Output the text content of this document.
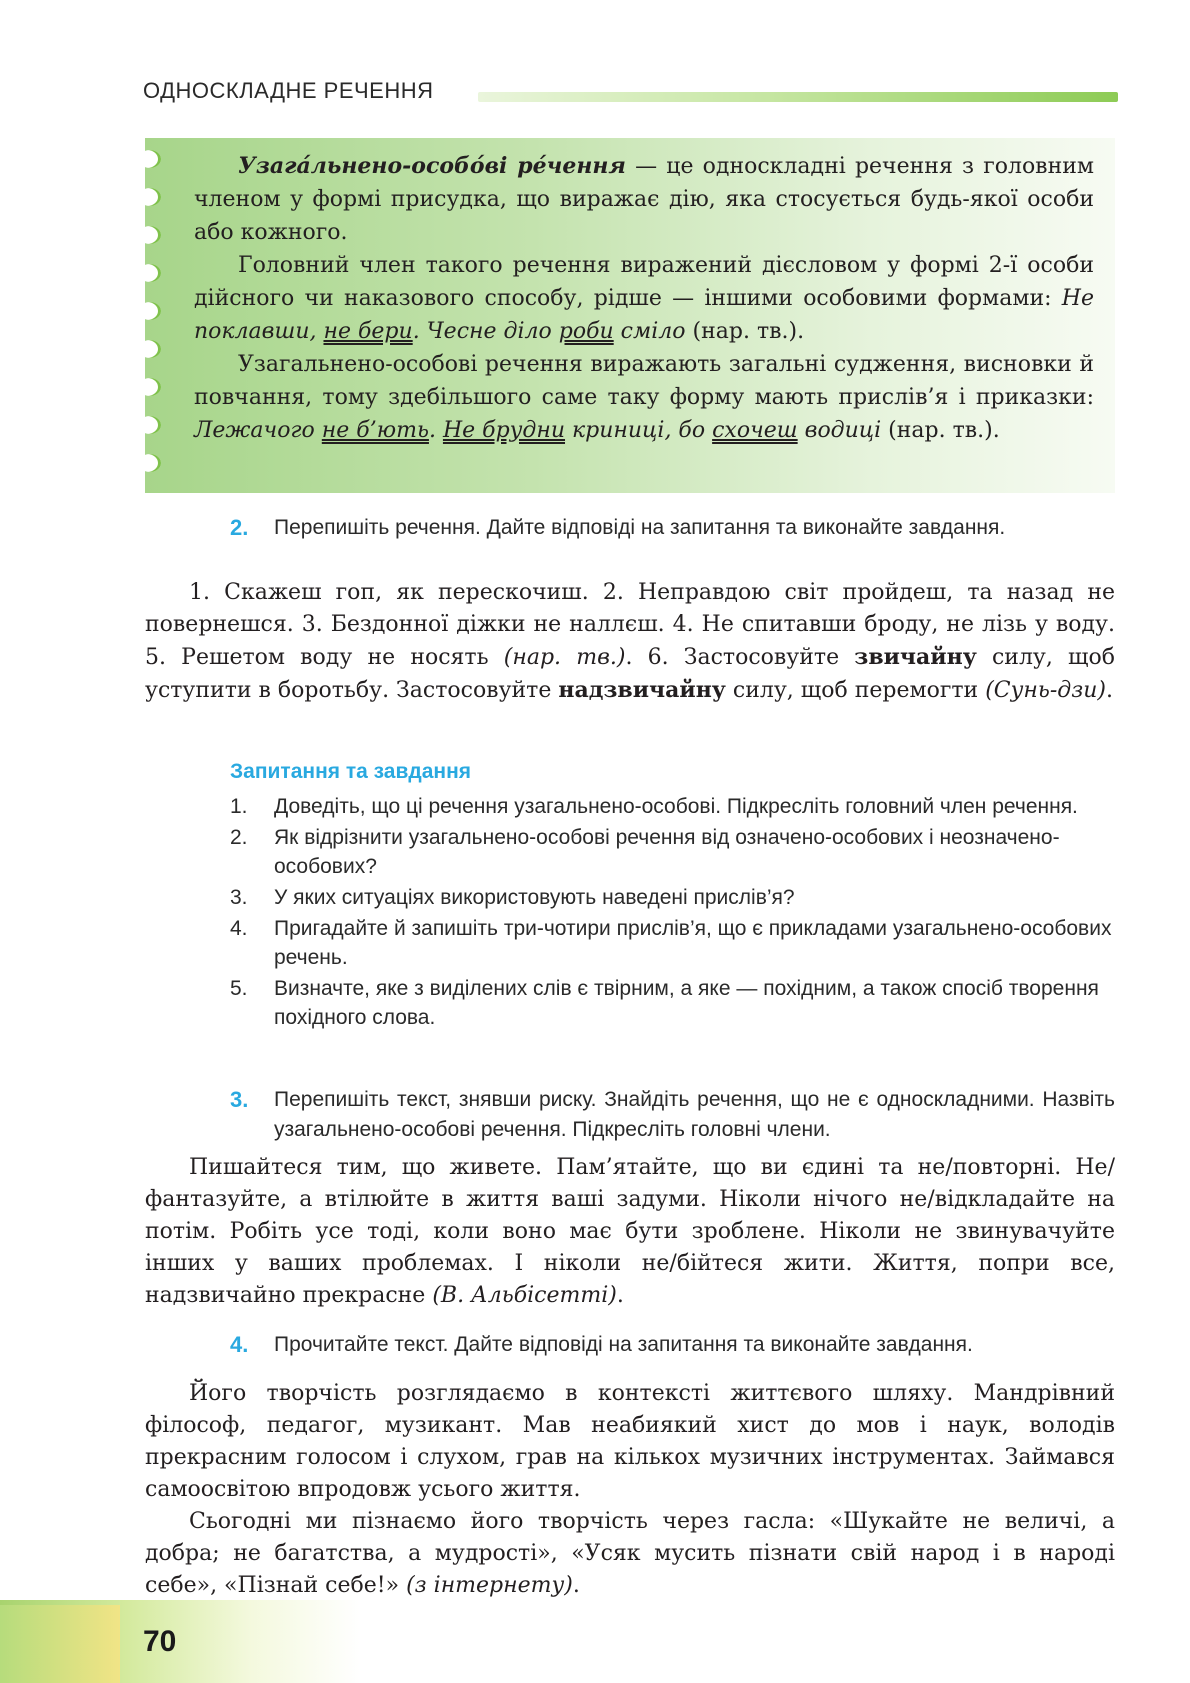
ОДНОСКЛАДНЕ РЕЧЕННЯ

Узага́льнено-особо́ві ре́чення — це односкладні речення з головним членом у формі присудка, що виражає дію, яка стосується будь-якої особи або кожного.

Головний член такого речення виражений дієсловом у формі 2-ї особи дійсного чи наказового способу, рідше — іншими особовими формами: Не поклавши, не бери. Чесне діло роби сміло (нар. тв.).

Узагальнено-особові речення виражають загальні судження, висновки й повчання, тому здебільшого саме таку форму мають прислів’я і приказки: Лежачого не б’ють. Не брудни криниці, бо схочеш водиці (нар. тв.).

2. Перепишіть речення. Дайте відповіді на запитання та виконайте завдання.

1. Скажеш гоп, як перескочиш. 2. Неправдою світ пройдеш, та назад не повернешся. 3. Бездонної діжки не наллєш. 4. Не спитавши броду, не лізь у воду. 5. Решетом воду не носять (нар. тв.). 6. Застосовуйте звичайну силу, щоб уступити в боротьбу. Застосовуйте надзвичайну силу, щоб перемогти (Сунь-дзи).

Запитання та завдання
1. Доведіть, що ці речення узагальнено-особові. Підкресліть головний член речення.
2. Як відрізнити узагальнено-особові речення від означено-особових і неозначено-особових?
3. У яких ситуаціях використовують наведені прислів’я?
4. Пригадайте й запишіть три-чотири прислів’я, що є прикладами узагальнено-особових речень.
5. Визначте, яке з виділених слів є твірним, а яке — похідним, а також спосіб творення похідного слова.
3. Перепишіть текст, знявши риску. Знайдіть речення, що не є односкладними. Назвіть узагальнено-особові речення. Підкресліть головні члени.

Пишайтеся тим, що живете. Пам’ятайте, що ви єдині та не/повторні. Не/фантазуйте, а втілюйте в життя ваші задуми. Ніколи нічого не/відкладайте на потім. Робіть усе тоді, коли воно має бути зроблене. Ніколи не звинувачуйте інших у ваших проблемах. І ніколи не/бійтеся жити. Життя, попри все, надзвичайно прекрасне (В. Альбісетті).

4. Прочитайте текст. Дайте відповіді на запитання та виконайте завдання.

Його творчість розглядаємо в контексті життєвого шляху. Мандрівний філософ, педагог, музикант. Мав неабиякий хист до мов і наук, володів прекрасним голосом і слухом, грав на кількох музичних інструментах. Займався самоосвітою впродовж усього життя.

Сьогодні ми пізнаємо його творчість через гасла: «Шукайте не величі, а добра; не багатства, а мудрості», «Усяк мусить пізнати свій народ і в народі себе», «Пізнай себе!» (з інтернету).

70
